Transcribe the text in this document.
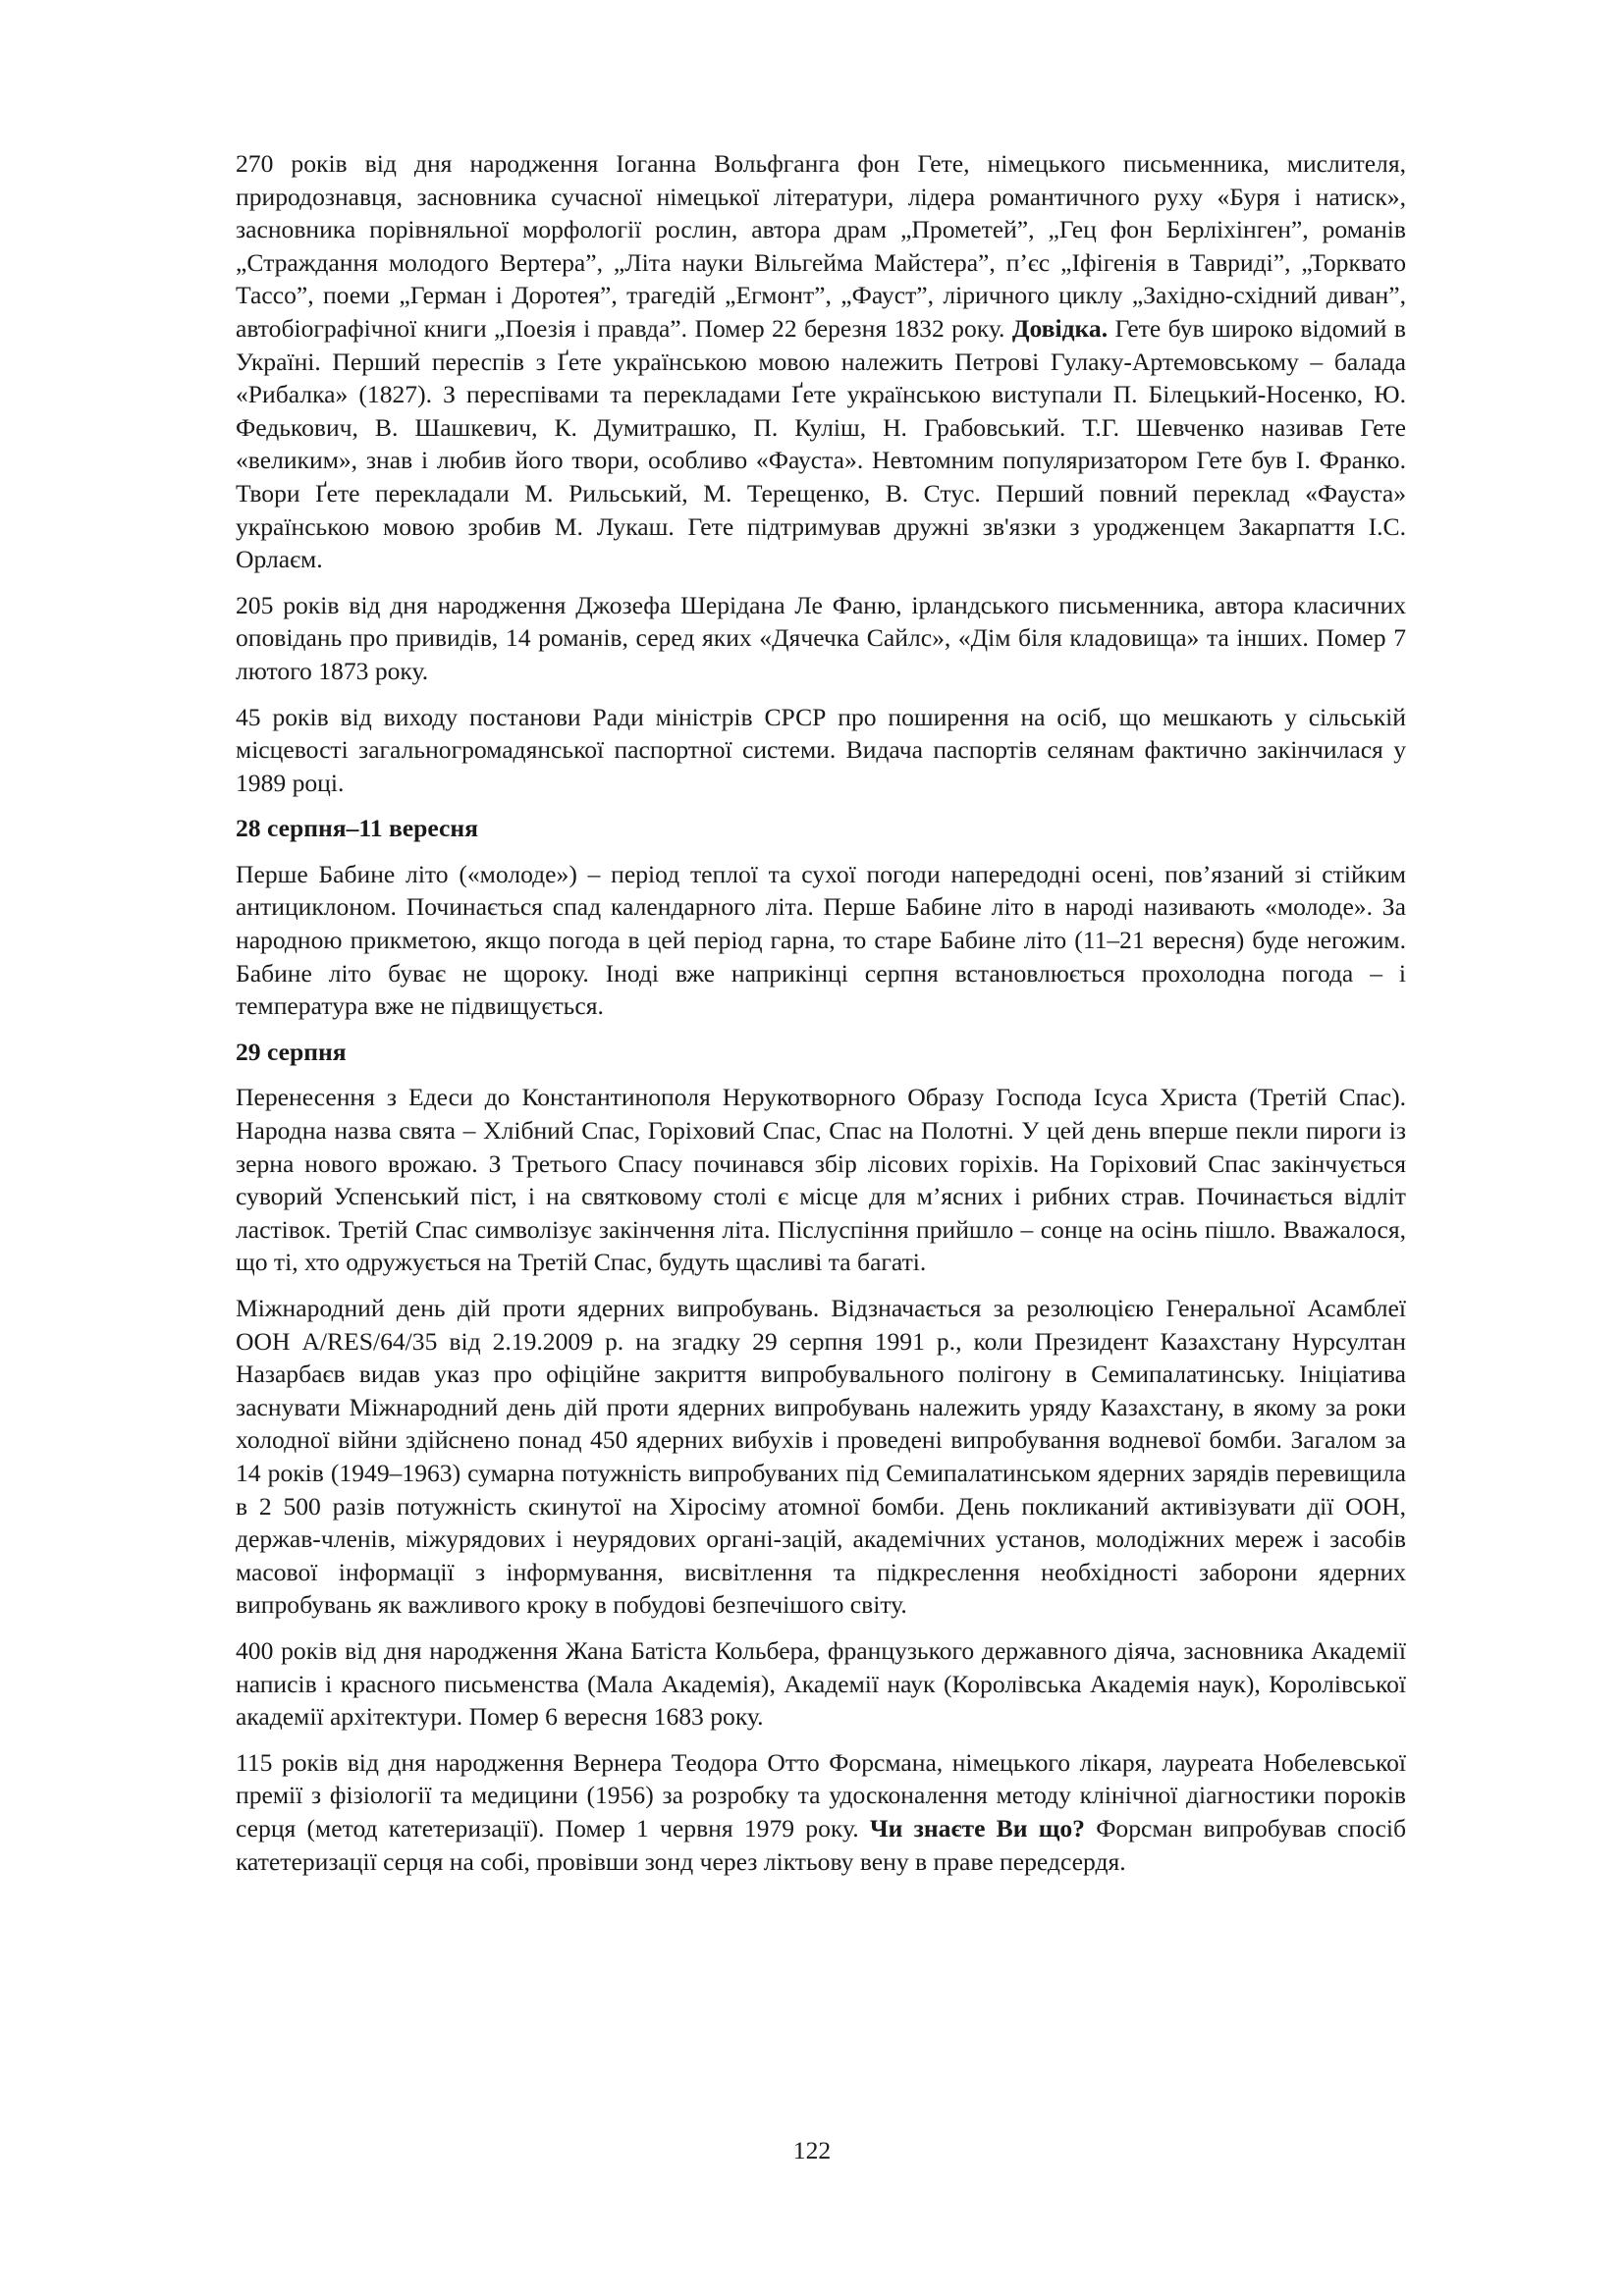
270 років від дня народження Іоганна Вольфганга фон Гете, німецького письменника, мислителя, природознавця, засновника сучасної німецької літератури, лідера романтичного руху «Буря і натиск», засновника порівняльної морфології рослин, автора драм „Прометей”, „Гец фон Берліхінген”, романів „Страждання молодого Вертера”, „Літа науки Вільгейма Майстера”, п’єс „Іфігенія в Тавриді”, „Торквато Тассо”, поеми „Герман і Доротея”, трагедій „Егмонт”, „Фауст”, ліричного циклу „Західно-східний диван”, автобіографічної книги „Поезія і правда”. Помер 22 березня 1832 року. Довідка. Гете був широко відомий в Україні. Перший переспів з Ґете українською мовою належить Петрові Гулаку-Артемовському – балада «Рибалка» (1827). З переспівами та перекладами Ґете українською виступали П. Білецький-Носенко, Ю. Федькович, В. Шашкевич, К. Думитрашко, П. Куліш, Н. Грабовський. Т.Г. Шевченко називав Гете «великим», знав і любив його твори, особливо «Фауста». Невтомним популяризатором Гете був І. Франко. Твори Ґете перекладали М. Рильський, М. Терещенко, В. Стус. Перший повний переклад «Фауста» українською мовою зробив М. Лукаш. Гете підтримував дружні зв'язки з уродженцем Закарпаття І.С. Орлаєм.

205 років від дня народження Джозефа Шерідана Ле Фаню, ірландського письменника, автора класичних оповідань про привидів, 14 романів, серед яких «Дячечка Сайлс», «Дім біля кладовища» та інших. Помер 7 лютого 1873 року.

45 років від виходу постанови Ради міністрів СРСР про поширення на осіб, що мешкають у сільській місцевості загальногромадянської паспортної системи. Видача паспортів селянам фактично закінчилася у 1989 році.

28 серпня–11 вересня

Перше Бабине літо («молоде») – період теплої та сухої погоди напередодні осені, пов’язаний зі стійким антициклоном. Починається спад календарного літа. Перше Бабине літо в народі називають «молоде». За народною прикметою, якщо погода в цей період гарна, то старе Бабине літо (11–21 вересня) буде негожим. Бабине літо буває не щороку. Іноді вже наприкінці серпня встановлюється прохолодна погода – і температура вже не підвищується.

29 серпня

Перенесення з Едеси до Константинополя Нерукотворного Образу Господа Ісуса Христа (Третій Спас). Народна назва свята – Хлібний Спас, Горіховий Спас, Спас на Полотні. У цей день вперше пекли пироги із зерна нового врожаю. З Третього Спасу починався збір лісових горіхів. На Горіховий Спас закінчується суворий Успенський піст, і на святковому столі є місце для м’ясних і рибних страв. Починається відліт ластівок. Третій Спас символізує закінчення літа. Післуспіння прийшло – сонце на осінь пішло. Вважалося, що ті, хто одружується на Третій Спас, будуть щасливі та багаті.

Міжнародний день дій проти ядерних випробувань. Відзначається за резолюцією Генеральної Асамблеї ООН A/RES/64/35 від 2.19.2009 р. на згадку 29 серпня 1991 р., коли Президент Казахстану Нурсултан Назарбаєв видав указ про офіційне закриття випробувального полігону в Семипалатинську. Ініціатива заснувати Міжнародний день дій проти ядерних випробувань належить уряду Казахстану, в якому за роки холодної війни здійснено понад 450 ядерних вибухів і проведені випробування водневої бомби. Загалом за 14 років (1949–1963) сумарна потужність випробуваних під Семипалатинськом ядерних зарядів перевищила в 2 500 разів потужність скинутої на Хіросіму атомної бомби. День покликаний активізувати дії ООН, держав-членів, міжурядових і неурядових органі-зацій, академічних установ, молодіжних мереж і засобів масової інформації з інформування, висвітлення та підкреслення необхідності заборони ядерних випробувань як важливого кроку в побудові безпечішого світу.

400 років від дня народження Жана Батіста Кольбера, французького державного діяча, засновника Академії написів і красного письменства (Мала Академія), Академії наук (Королівська Академія наук), Королівської академії архітектури. Помер 6 вересня 1683 року.

115 років від дня народження Вернера Теодора Отто Форсмана, німецького лікаря, лауреата Нобелевської премії з фізіології та медицини (1956) за розробку та удосконалення методу клінічної діагностики пороків серця (метод катетеризації). Помер 1 червня 1979 року. Чи знаєте Ви що? Форсман випробував спосіб катетеризації серця на собі, провівши зонд через ліктьову вену в праве передсердя.

122
